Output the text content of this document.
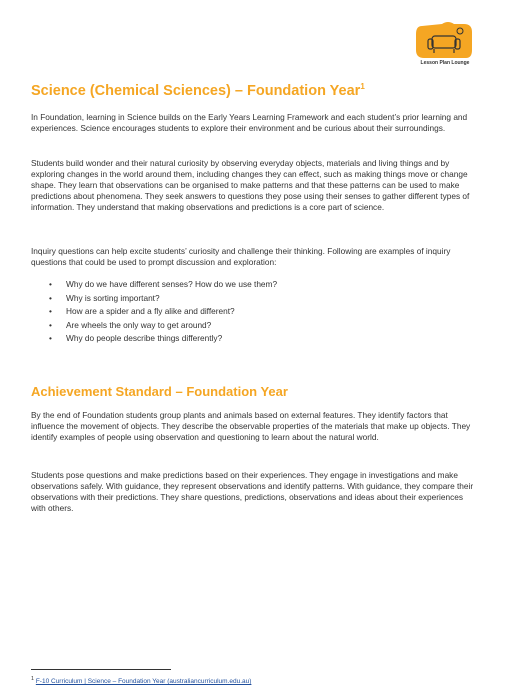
Lesson Plan Lounge
Science (Chemical Sciences) – Foundation Year$^1$

In Foundation, learning in Science builds on the Early Years Learning Framework and each student’s prior learning and experiences. Science encourages students to explore their environment and be curious about their surroundings.

Students build wonder and their natural curiosity by observing everyday objects, materials and living things and by exploring changes in the world around them, including changes they can effect, such as making things move or change shape. They learn that observations can be organised to make patterns and that these patterns can be used to make predictions about phenomena. They seek answers to questions they pose using their senses to gather different types of information. They understand that making observations and predictions is a core part of science.

Inquiry questions can help excite students’ curiosity and challenge their thinking. Following are examples of inquiry questions that could be used to prompt discussion and exploration:

• Why do we have different senses? How do we use them?
• Why is sorting important?
• How are a spider and a fly alike and different?
• Are wheels the only way to get around?
• Why do people describe things differently?
Achievement Standard – Foundation Year

By the end of Foundation students group plants and animals based on external features. They identify factors that influence the movement of objects. They describe the observable properties of the materials that make up objects. They identify examples of people using observation and questioning to learn about the natural world.

Students pose questions and make predictions based on their experiences. They engage in investigations and make observations safely. With guidance, they represent observations and identify patterns. With guidance, they compare their observations with their predictions. They share questions, predictions, observations and ideas about their experiences with others.

$^1$ F-10 Curriculum | Science – Foundation Year (australiancurriculum.edu.au)
